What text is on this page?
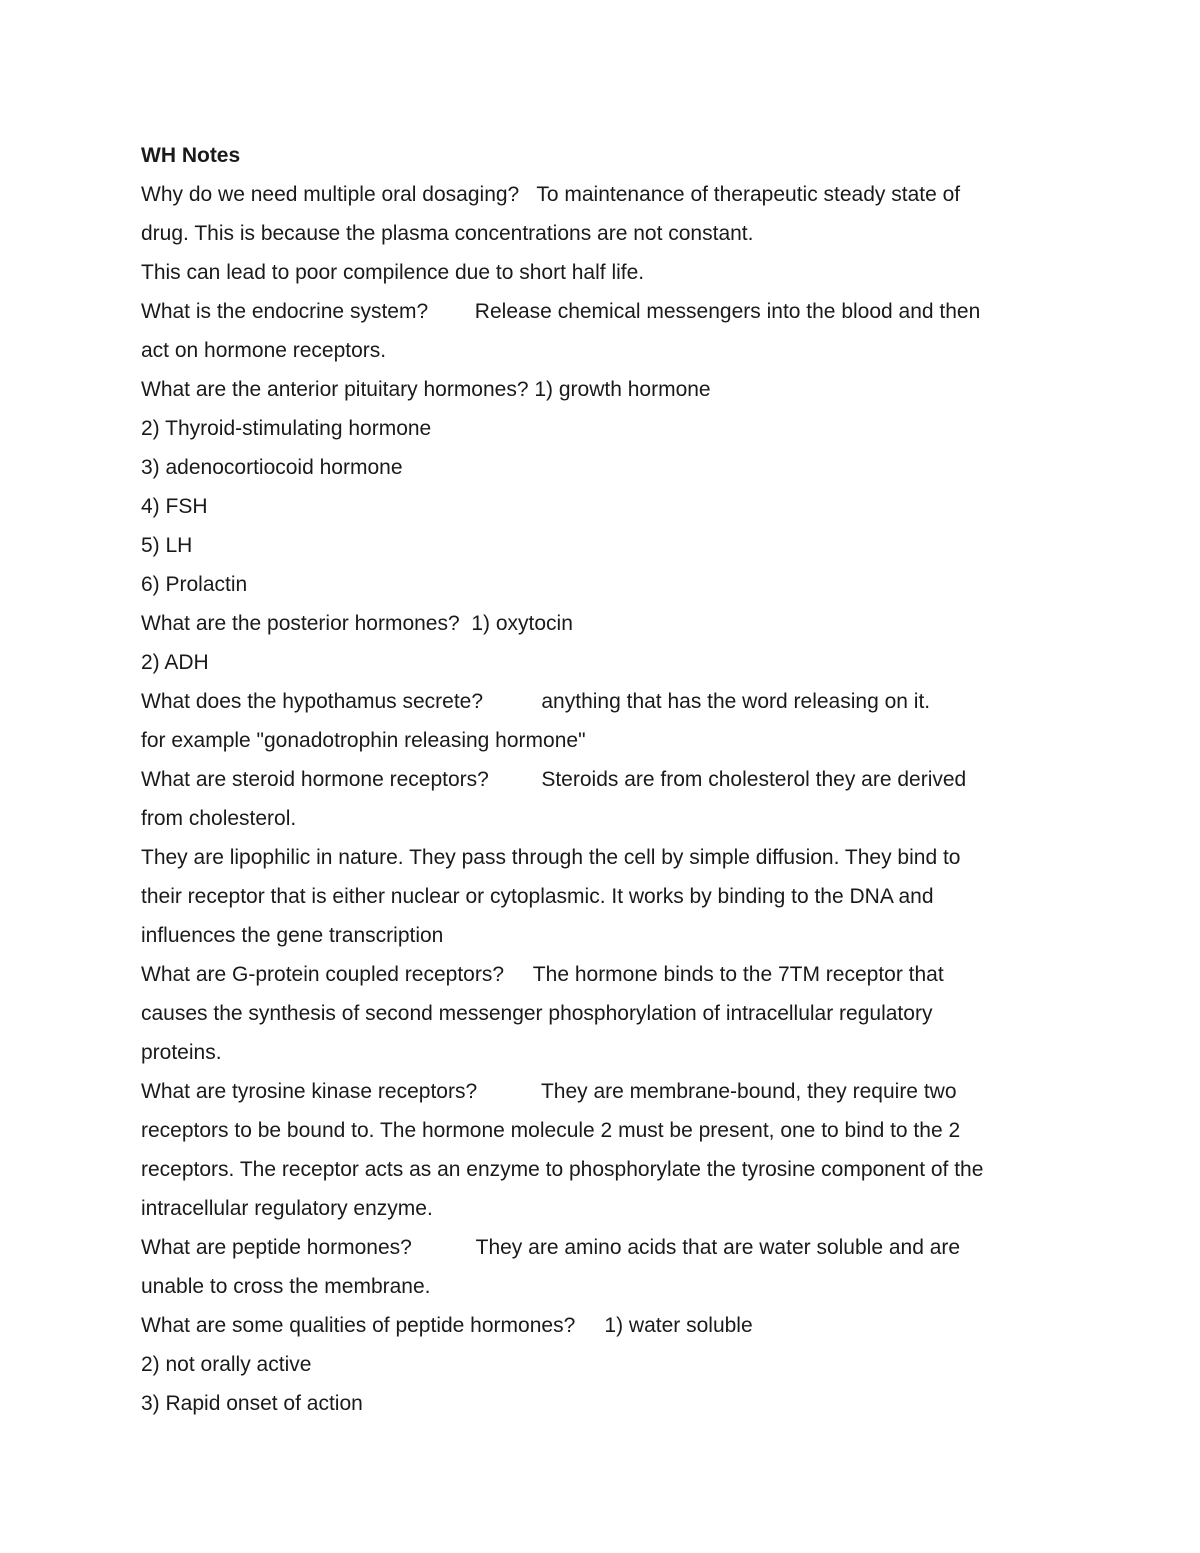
WH Notes
Why do we need multiple oral dosaging?   To maintenance of therapeutic steady state of
drug. This is because the plasma concentrations are not constant.
This can lead to poor compilence due to short half life.
What is the endocrine system?        Release chemical messengers into the blood and then
act on hormone receptors.
What are the anterior pituitary hormones? 1) growth hormone
2) Thyroid-stimulating hormone
3) adenocortiocoid hormone
4) FSH
5) LH
6) Prolactin
What are the posterior hormones?  1) oxytocin
2) ADH
What does the hypothamus secrete?          anything that has the word releasing on it.
for example "gonadotrophin releasing hormone"
What are steroid hormone receptors?         Steroids are from cholesterol they are derived
from cholesterol.
They are lipophilic in nature. They pass through the cell by simple diffusion. They bind to
their receptor that is either nuclear or cytoplasmic. It works by binding to the DNA and
influences the gene transcription
What are G-protein coupled receptors?     The hormone binds to the 7TM receptor that
causes the synthesis of second messenger phosphorylation of intracellular regulatory
proteins.
What are tyrosine kinase receptors?           They are membrane-bound, they require two
receptors to be bound to. The hormone molecule 2 must be present, one to bind to the 2
receptors. The receptor acts as an enzyme to phosphorylate the tyrosine component of the
intracellular regulatory enzyme.
What are peptide hormones?           They are amino acids that are water soluble and are
unable to cross the membrane.
What are some qualities of peptide hormones?     1) water soluble
2) not orally active
3) Rapid onset of action
